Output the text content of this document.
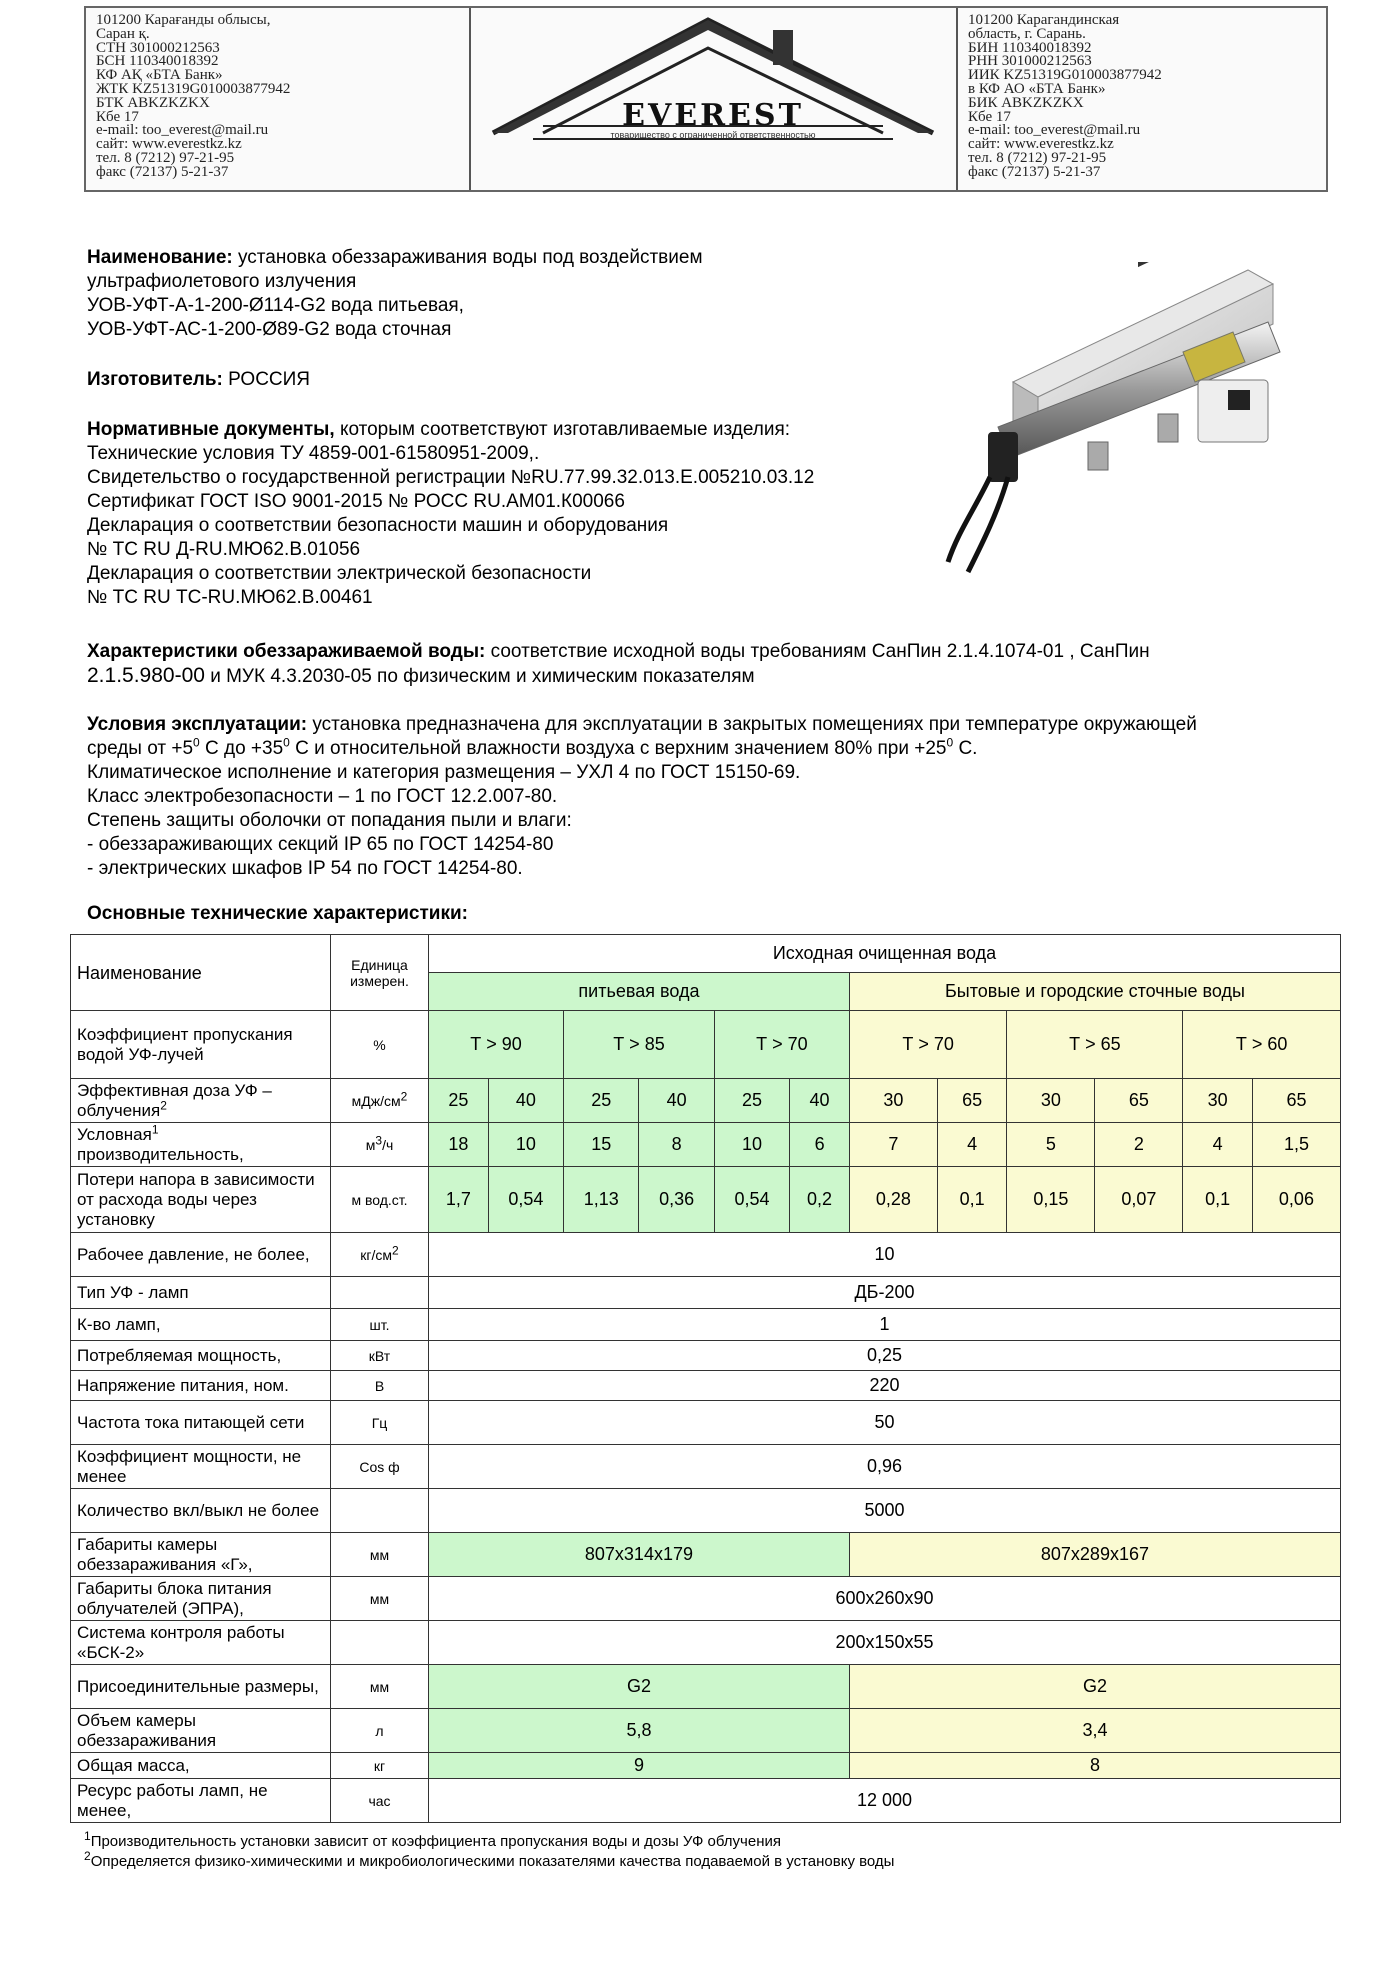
101200 Карағанды облысы,
Саран қ.
СТН 301000212563
БСН 110340018392
КФ АҚ «БТА Банк»
ЖТК KZ51319G010003877942
БТК ABKZKZKX
Кбе 17
e-mail: too_everest@mail.ru
сайт: www.everestkz.kz
тел. 8 (7212) 97-21-95
факс (72137) 5-21-37
EVEREST
товарищество с ограниченной ответственностью
101200 Карагандинская
область, г. Сарань.
БИН 110340018392
РНН 301000212563
ИИК KZ51319G010003877942
в КФ АО «БТА Банк»
БИК ABKZKZKX
Кбе 17
e-mail: too_everest@mail.ru
сайт: www.everestkz.kz
тел. 8 (7212) 97-21-95
факс (72137) 5-21-37

Наименование: установка обеззараживания воды под воздействием

ультрафиолетового излучения

УОВ-УФТ-А-1-200-Ø114-G2 вода питьевая,

УОВ-УФТ-АС-1-200-Ø89-G2 вода сточная

Изготовитель: РОССИЯ

Нормативные документы, которым соответствуют изготавливаемые изделия:

Технические условия ТУ 4859-001-61580951-2009,.

Свидетельство о государственной регистрации №RU.77.99.32.013.Е.005210.03.12

Сертификат ГОСТ ISO 9001-2015 № РОСС RU.АМ01.К00066

Декларация о соответствии безопасности машин и оборудования

№ ТС RU Д-RU.МЮ62.В.01056

Декларация о соответствии электрической безопасности

№ ТС RU ТС-RU.МЮ62.В.00461

Характеристики обеззараживаемой воды: соответствие исходной воды требованиям СанПин 2.1.4.1074-01 , СанПин

2.1.5.980-00 и МУК 4.3.2030-05 по физическим и химическим показателям

Условия эксплуатации: установка предназначена для эксплуатации в закрытых помещениях при температуре окружающей

среды от $+5^0$ С до $+35^0$ С и относительной влажности воздуха с верхним значением 80% при $+25^0$ С.

Климатическое исполнение и категория размещения – УХЛ 4 по ГОСТ 15150-69.

Класс электробезопасности – 1 по ГОСТ 12.2.007-80.

Степень защиты оболочки от попадания пыли и влаги:

- обеззараживающих секций IP 65 по ГОСТ 14254-80

- электрических шкафов IP 54 по ГОСТ 14254-80.

Основные технические характеристики:
Наименование	Единица измерен.	Исходная очищенная вода											
		питьевая вода						Бытовые и городские сточные воды					
Коэффициент пропускания водой УФ-лучей	%	Т > 90		Т > 85		Т > 70		Т > 70		Т > 65		Т > 60	
Эффективная доза УФ – облучения$^2$	мДж/$см^2$	25	40	25	40	25	40	30	65	30	65	30	65
Условная$^1$
производительность,	$м^3/ч$	18	10	15	8	10	6	7	4	5	2	4	1,5
Потери напора в зависимости от расхода воды через установку	м вод.ст.	1,7	0,54	1,13	0,36	0,54	0,2	0,28	0,1	0,15	0,07	0,1	0,06
Рабочее давление, не более,	$кг/см^2$	10											
Тип УФ - ламп		ДБ-200											
К-во ламп,	шт.	1											
Потребляемая мощность,	кВт	0,25											
Напряжение питания, ном.	В	220											
Частота тока питающей сети	Гц	50											
Коэффициент мощности, не менее	Cos ф	0,96											
Количество вкл/выкл не более		5000											
Габариты камеры обеззараживания «Г»,	мм	807x314x179						807x289x167					
Габариты блока питания облучателей (ЭПРА),	мм	600x260x90											
Система контроля работы «БСК-2»		200x150x55											
Присоединительные размеры,	мм	G2						G2					
Объем камеры обеззараживания	л	5,8						3,4					
Общая масса,	кг	9						8					
Ресурс работы ламп, не менее,	час	12 000											
$^1$Производительность установки зависит от коэффициента пропускания воды и дозы УФ облучения
$^2$Определяется физико-химическими и микробиологическими показателями качества подаваемой в установку воды
